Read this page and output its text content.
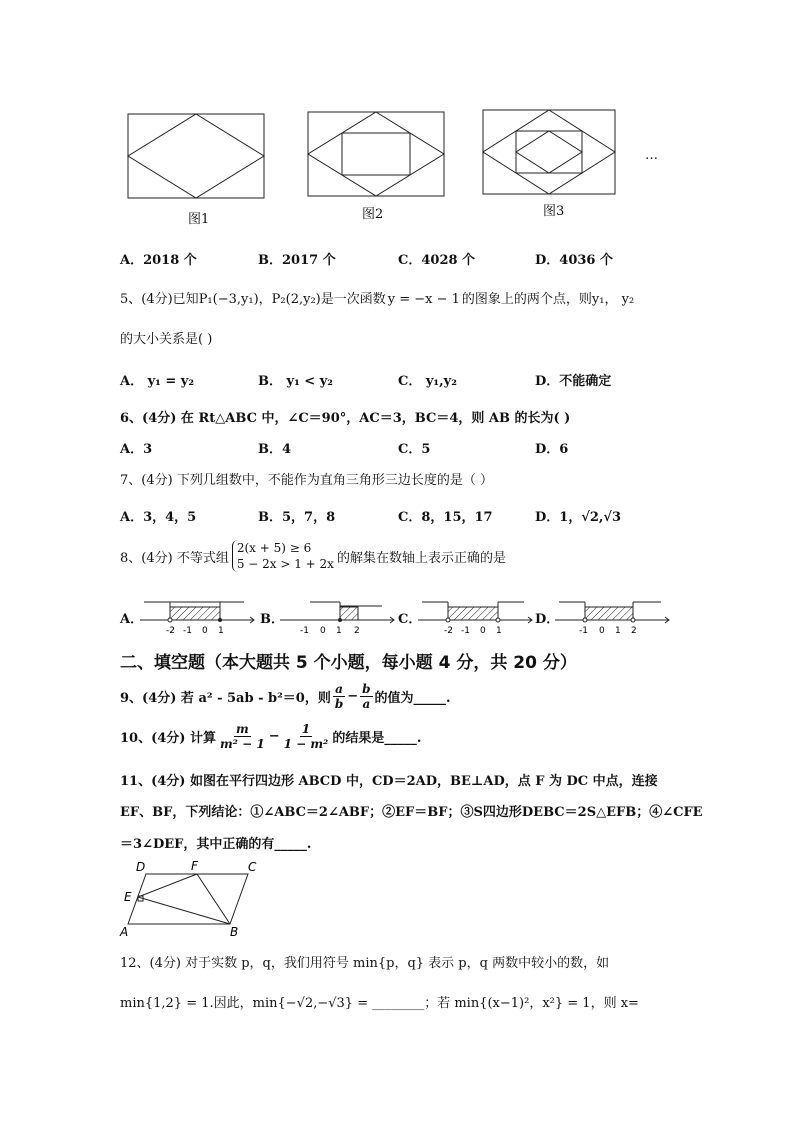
图1	图2	图3
…
A．2018 个	B．2017 个	C．4028 个	D．4036 个
5、(4分)已知P₁(−3,y₁)，P₂(2,y₂)是一次函数 y = −x − 1 的图象上的两个点，则y₁， y₂
的大小关系是( )
A． y₁ = y₂	B． y₁ < y₂	C． y₁,y₂	D．不能确定
6、(4分) 在 Rt△ABC 中，∠C＝90°，AC＝3，BC＝4，则 AB 的长为( )
A．3	B．4	C．5	D．6
7、(4分) 下列几组数中，不能作为直角三角形三边长度的是（ ）
A．3，4，5	B．5，7，8	C．8，15，17	D．1，√2,√3
8、(4分) 不等式组
2(x + 5) ≥ 6
5 − 2x > 1 + 2x 的解集在数轴上表示正确的是
A．
-2 -1 0 1
B．
-1 0 1 2
C．
-2 -1 0 1
D．
-1 0 1 2
二、填空题（本大题共 5 个小题，每小题 4 分，共 20 分）
9、(4分) 若 a² - 5ab - b²＝0，则 $\frac{a}{b} - \frac{b}{a}$ 的值为_____.
10、(4分) 计算 $\frac{m}{\text{m² − 1}} - \frac{1}{\text{1 − m²}}$ 的结果是_____.
11、(4分) 如图在平行四边形 ABCD 中，CD＝2AD，BE⊥AD，点 F 为 DC 中点，连接
EF、BF，下列结论：①∠ABC＝2∠ABF；②EF＝BF；③S四边形DEBC＝2S△EFB；④∠CFE
＝3∠DEF，其中正确的有_____.
D	F	C
E
A	B
12、(4分) 对于实数 p，q，我们用符号 min{p，q} 表示 p，q 两数中较小的数，如
min{1,2} = 1.因此，min{−√2,−√3} = ________；若 min{(x−1)²，x²} = 1，则 x=
